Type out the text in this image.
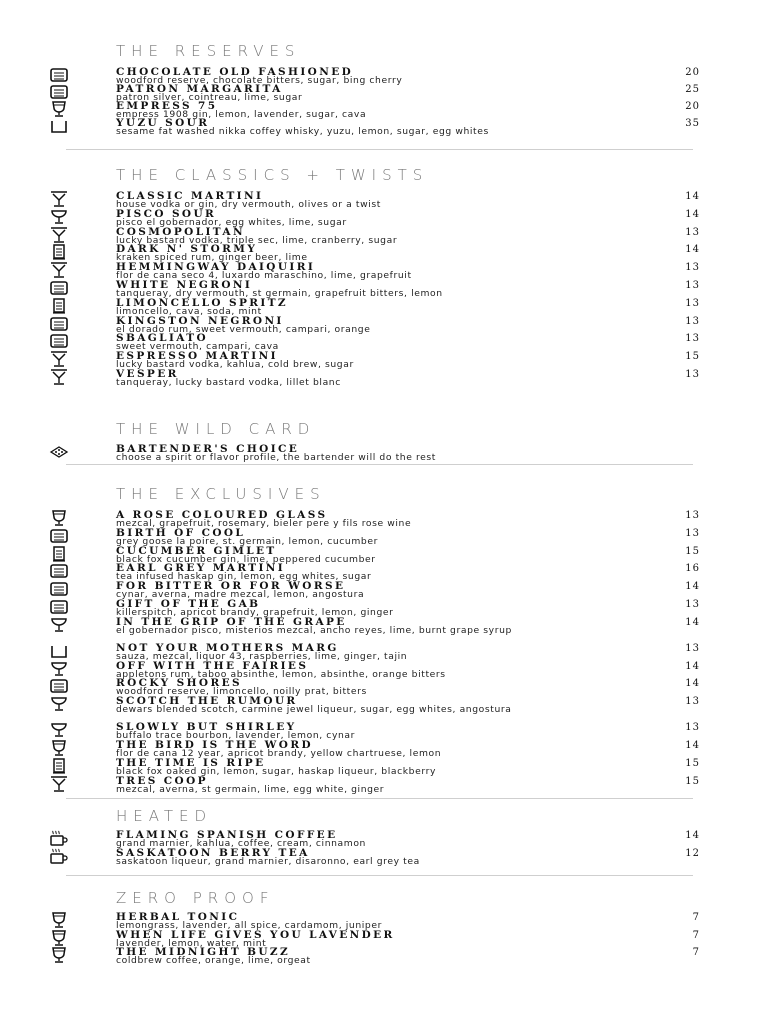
THE RESERVES
CHOCOLATE OLD FASHIONED
woodford reserve, chocolate bitters, sugar, bing cherry
20
PATRON MARGARITA
patron silver, cointreau, lime, sugar
25
EMPRESS 75
empress 1908 gin, lemon, lavender, sugar, cava
20
YUZU SOUR
sesame fat washed nikka coffey whisky, yuzu, lemon, sugar, egg whites
35
THE CLASSICS + TWISTS
CLASSIC MARTINI
house vodka or gin, dry vermouth, olives or a twist
14
PISCO SOUR
pisco el gobernador, egg whites, lime, sugar
14
COSMOPOLITAN
lucky bastard vodka, triple sec, lime, cranberry, sugar
13
DARK N' STORMY
kraken spiced rum, ginger beer, lime
14
HEMMINGWAY DAIQUIRI
flor de cana seco 4, luxardo maraschino, lime, grapefruit
13
WHITE NEGRONI
tanqueray, dry vermouth, st germain, grapefruit bitters, lemon
13
LIMONCELLO SPRITZ
limoncello, cava, soda, mint
13
KINGSTON NEGRONI
el dorado rum, sweet vermouth, campari, orange
13
SBAGLIATO
sweet vermouth, campari, cava
13
ESPRESSO MARTINI
lucky bastard vodka, kahlua, cold brew, sugar
15
VESPER
tanqueray, lucky bastard vodka, lillet blanc
13
THE WILD CARD
BARTENDER'S CHOICE
choose a spirit or flavor profile, the bartender will do the rest
THE EXCLUSIVES
A ROSE COLOURED GLASS
mezcal, grapefruit, rosemary, bieler pere y fils rose wine
13
BIRTH OF COOL
grey goose la poire, st. germain, lemon, cucumber
13
CUCUMBER GIMLET
black fox cucumber gin, lime, peppered cucumber
15
EARL GREY MARTINI
tea infused haskap gin, lemon, egg whites, sugar
16
FOR BITTER OR FOR WORSE
cynar, averna, madre mezcal, lemon, angostura
14
GIFT OF THE GAB
killerspitch, apricot brandy, grapefruit, lemon, ginger
13
IN THE GRIP OF THE GRAPE
el gobernador pisco, misterios mezcal, ancho reyes, lime, burnt grape syrup
14
NOT YOUR MOTHERS MARG
sauza, mezcal, liquor 43, raspberries, lime, ginger, tajin
13
OFF WITH THE FAIRIES
appletons rum, taboo absinthe, lemon, absinthe, orange bitters
14
ROCKY SHORES
woodford reserve, limoncello, noilly prat, bitters
14
SCOTCH THE RUMOUR
dewars blended scotch, carmine jewel liqueur, sugar, egg whites, angostura
13
SLOWLY BUT SHIRLEY
buffalo trace bourbon, lavender, lemon, cynar
13
THE BIRD IS THE WORD
flor de cana 12 year, apricot brandy, yellow chartruese, lemon
14
THE TIME IS RIPE
black fox oaked gin, lemon, sugar, haskap liqueur, blackberry
15
TRES COOP
mezcal, averna, st germain, lime, egg white, ginger
15
HEATED
FLAMING SPANISH COFFEE
grand marnier, kahlua, coffee, cream, cinnamon
14
SASKATOON BERRY TEA
saskatoon liqueur, grand marnier, disaronno, earl grey tea
12
ZERO PROOF
HERBAL TONIC
lemongrass, lavender, all spice, cardamom, juniper
7
WHEN LIFE GIVES YOU LAVENDER
lavender, lemon, water, mint
7
THE MIDNIGHT BUZZ
coldbrew coffee, orange, lime, orgeat
7
